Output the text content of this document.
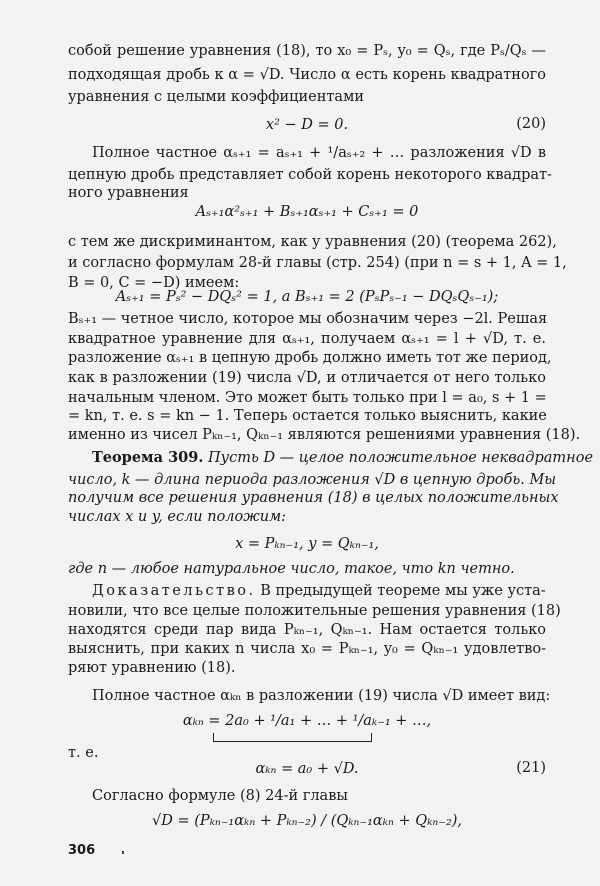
собой решение уравнения (18), то x₀ = Pₛ, y₀ = Qₛ, где Pₛ/Qₛ —
подходящая дробь к α = √D. Число α есть корень квадратного
уравнения с целыми коэффициентами
x² − D = 0.	(20)
Полное частное αₛ₊₁ = aₛ₊₁ + ¹/aₛ₊₂ + … разложения √D в
цепную дробь представляет собой корень некоторого квадрат-
ного уравнения
Aₛ₊₁α²ₛ₊₁ + Bₛ₊₁αₛ₊₁ + Cₛ₊₁ = 0
с тем же дискриминантом, как у уравнения (20) (теорема 262),
и согласно формулам 28-й главы (стр. 254) (при n = s + 1, A = 1,
B = 0, C = −D) имеем:
Aₛ₊₁ = Pₛ² − DQₛ² = 1, а Bₛ₊₁ = 2 (PₛPₛ₋₁ − DQₛQₛ₋₁);
Bₛ₊₁ — четное число, которое мы обозначим через −2l. Решая
квадратное уравнение для αₛ₊₁, получаем αₛ₊₁ = l + √D, т. е.
разложение αₛ₊₁ в цепную дробь должно иметь тот же период,
как в разложении (19) числа √D, и отличается от него только
начальным членом. Это может быть только при l = a₀, s + 1 =
= kn, т. е. s = kn − 1. Теперь остается только выяснить, какие
именно из чисел Pₖₙ₋₁, Qₖₙ₋₁ являются решениями уравнения (18).
Теорема 309. Пусть D — целое положительное неквадратное
число, k — длина периода разложения √D в цепную дробь. Мы
получим все решения уравнения (18) в целых положительных
числах x и y, если положим:
x = Pₖₙ₋₁, y = Qₖₙ₋₁,
где n — любое натуральное число, такое, что kn четно.
Доказательство. В предыдущей теореме мы уже уста-
новили, что все целые положительные решения уравнения (18)
находятся среди пар вида Pₖₙ₋₁, Qₖₙ₋₁. Нам остается только
выяснить, при каких n числа x₀ = Pₖₙ₋₁, y₀ = Qₖₙ₋₁ удовлетво-
ряют уравнению (18).
Полное частное αₖₙ в разложении (19) числа √D имеет вид:
αₖₙ = 2a₀ + ¹/a₁ + … + ¹/aₖ₋₁ + …,
т. е.
αₖₙ = a₀ + √D.	(21)
Согласно формуле (8) 24-й главы
√D = (Pₖₙ₋₁αₖₙ + Pₖₙ₋₂) / (Qₖₙ₋₁αₖₙ + Qₖₙ₋₂),
306
